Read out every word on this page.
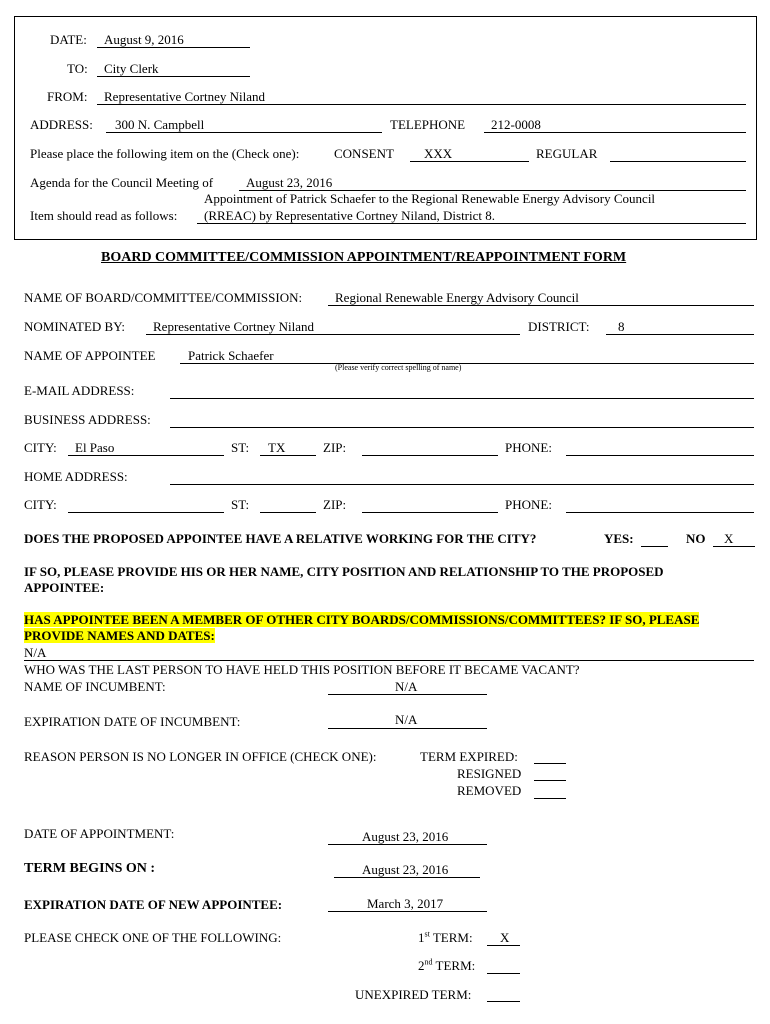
DATE: August 9, 2016
TO: City Clerk
FROM: Representative Cortney Niland
ADDRESS: 300 N. Campbell	TELEPHONE 212-0008
Please place the following item on the (Check one):	CONSENT XXX	REGULAR
Agenda for the Council Meeting of	August 23, 2016
Appointment of Patrick Schaefer to the Regional Renewable Energy Advisory Council
Item should read as follows: (RREAC) by Representative Cortney Niland, District 8.
BOARD COMMITTEE/COMMISSION APPOINTMENT/REAPPOINTMENT FORM
NAME OF BOARD/COMMITTEE/COMMISSION:	Regional Renewable Energy Advisory Council
NOMINATED BY: Representative Cortney Niland	DISTRICT: 8
NAME OF APPOINTEE	Patrick Schaefer
(Please verify correct spelling of name)
E-MAIL ADDRESS:
BUSINESS ADDRESS:
CITY: El Paso	ST: TX	ZIP:	PHONE:
HOME ADDRESS:
CITY:	ST:	ZIP:	PHONE:
DOES THE PROPOSED APPOINTEE HAVE A RELATIVE WORKING FOR THE CITY?	YES:	NO X
IF SO, PLEASE PROVIDE HIS OR HER NAME, CITY POSITION AND RELATIONSHIP TO THE PROPOSED
APPOINTEE:
HAS APPOINTEE BEEN A MEMBER OF OTHER CITY BOARDS/COMMISSIONS/COMMITTEES? IF SO, PLEASE
PROVIDE NAMES AND DATES:
N/A
WHO WAS THE LAST PERSON TO HAVE HELD THIS POSITION BEFORE IT BECAME VACANT?
NAME OF INCUMBENT:	N/A
EXPIRATION DATE OF INCUMBENT:	N/A
REASON PERSON IS NO LONGER IN OFFICE (CHECK ONE):	TERM EXPIRED:
RESIGNED
REMOVED
DATE OF APPOINTMENT:	August 23, 2016
TERM BEGINS ON :	August 23, 2016
EXPIRATION DATE OF NEW APPOINTEE:	March 3, 2017
PLEASE CHECK ONE OF THE FOLLOWING:	1st TERM: X
2nd TERM:
UNEXPIRED TERM:
